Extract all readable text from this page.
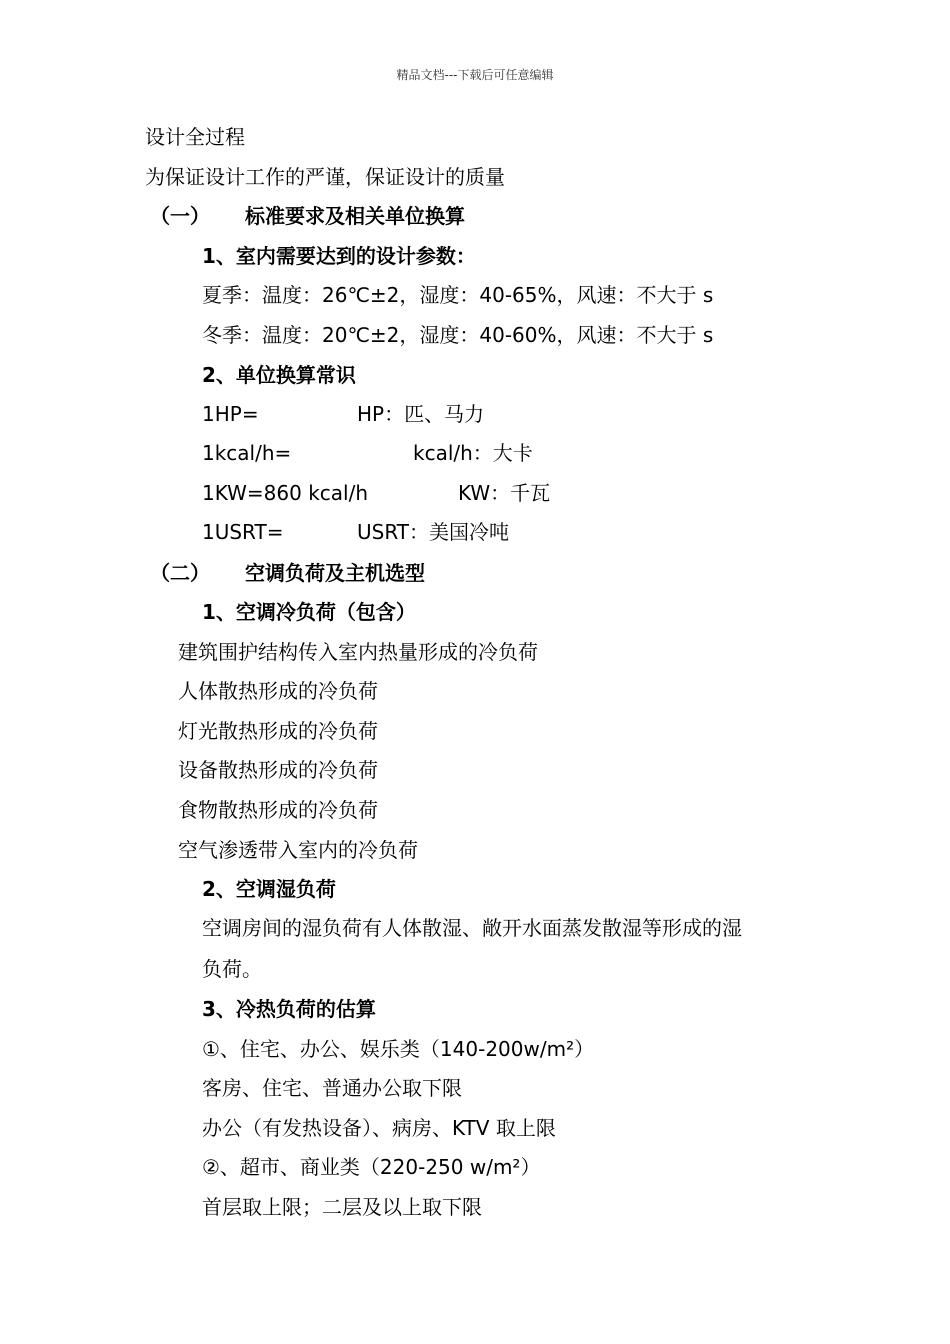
精品文档---下载后可任意编辑
设计全过程
为保证设计工作的严谨，保证设计的质量
（一） 标准要求及相关单位换算
1、室内需要达到的设计参数：
夏季：温度：26℃±2，湿度：40-65%，风速：不大于 s
冬季：温度：20℃±2，湿度：40-60%，风速：不大于 s
2、单位换算常识
1HP=	HP：匹、马力
1kcal/h=	kcal/h：大卡
1KW=860 kcal/h	KW：千瓦
1USRT=	USRT：美国冷吨
（二） 空调负荷及主机选型
1、空调冷负荷（包含）
建筑围护结构传入室内热量形成的冷负荷
人体散热形成的冷负荷
灯光散热形成的冷负荷
设备散热形成的冷负荷
食物散热形成的冷负荷
空气渗透带入室内的冷负荷
2、空调湿负荷
空调房间的湿负荷有人体散湿、敞开水面蒸发散湿等形成的湿
负荷。
3、冷热负荷的估算
①、住宅、办公、娱乐类（140-200w/m²）
客房、住宅、普通办公取下限
办公（有发热设备）、病房、KTV 取上限
②、超市、商业类（220-250 w/m²）
首层取上限；二层及以上取下限
